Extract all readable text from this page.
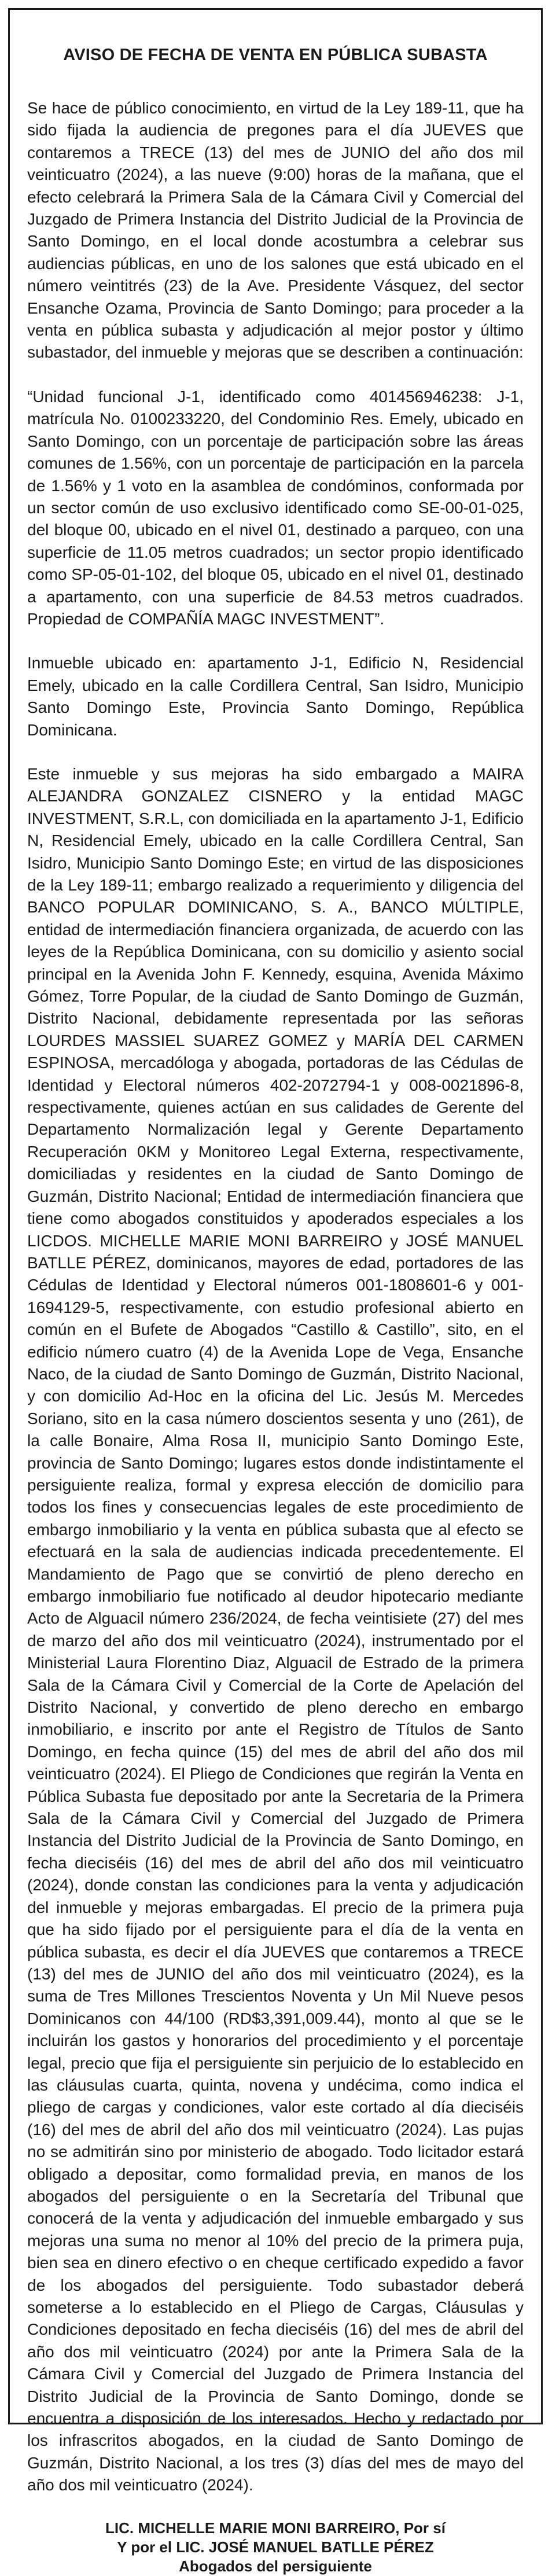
AVISO DE FECHA DE VENTA EN PÚBLICA SUBASTA

Se hace de público conocimiento, en virtud de la Ley 189-11, que ha sido fijada la audiencia de pregones para el día JUEVES que contaremos a TRECE (13) del mes de JUNIO del año dos mil veinticuatro (2024), a las nueve (9:00) horas de la mañana, que el efecto celebrará la Primera Sala de la Cámara Civil y Comercial del Juzgado de Primera Instancia del Distrito Judicial de la Provincia de Santo Domingo, en el local donde acostumbra a celebrar sus audiencias públicas, en uno de los salones que está ubicado en el número veintitrés (23) de la Ave. Presidente Vásquez, del sector Ensanche Ozama, Provincia de Santo Domingo; para proceder a la venta en pública subasta y adjudicación al mejor postor y último subastador, del inmueble y mejoras que se describen a continuación:

“Unidad funcional J-1, identificado como 401456946238: J-1, matrícula No. 0100233220, del Condominio Res. Emely, ubicado en Santo Domingo, con un porcentaje de participación sobre las áreas comunes de 1.56%, con un porcentaje de participación en la parcela de 1.56% y 1 voto en la asamblea de condóminos, conformada por un sector común de uso exclusivo identificado como SE-00-01-025, del bloque 00, ubicado en el nivel 01, destinado a parqueo, con una superficie de 11.05 metros cuadrados; un sector propio identificado como SP-05-01-102, del bloque 05, ubicado en el nivel 01, destinado a apartamento, con una superficie de 84.53 metros cuadrados. Propiedad de COMPAÑÍA MAGC INVESTMENT”.

Inmueble ubicado en: apartamento J-1, Edificio N, Residencial Emely, ubicado en la calle Cordillera Central, San Isidro, Municipio Santo Domingo Este, Provincia Santo Domingo, República Dominicana.

Este inmueble y sus mejoras ha sido embargado a MAIRA ALEJANDRA GONZALEZ CISNERO y la entidad MAGC INVESTMENT, S.R.L, con domiciliada en la apartamento J-1, Edificio N, Residencial Emely, ubicado en la calle Cordillera Central, San Isidro, Municipio Santo Domingo Este; en virtud de las disposiciones de la Ley 189-11; embargo realizado a requerimiento y diligencia del BANCO POPULAR DOMINICANO, S. A., BANCO MÚLTIPLE, entidad de intermediación financiera organizada, de acuerdo con las leyes de la República Dominicana, con su domicilio y asiento social principal en la Avenida John F. Kennedy, esquina, Avenida Máximo Gómez, Torre Popular, de la ciudad de Santo Domingo de Guzmán, Distrito Nacional, debidamente representada por las señoras LOURDES MASSIEL SUAREZ GOMEZ y MARÍA DEL CARMEN ESPINOSA, mercadóloga y abogada, portadoras de las Cédulas de Identidad y Electoral números 402-2072794-1 y 008-0021896-8, respectivamente, quienes actúan en sus calidades de Gerente del Departamento Normalización legal y Gerente Departamento Recuperación 0KM y Monitoreo Legal Externa, respectivamente, domiciliadas y residentes en la ciudad de Santo Domingo de Guzmán, Distrito Nacional; Entidad de intermediación financiera que tiene como abogados constituidos y apoderados especiales a los LICDOS. MICHELLE MARIE MONI BARREIRO y JOSÉ MANUEL BATLLE PÉREZ, dominicanos, mayores de edad, portadores de las Cédulas de Identidad y Electoral números 001-1808601-6 y 001-1694129-5, respectivamente, con estudio profesional abierto en común en el Bufete de Abogados “Castillo & Castillo”, sito, en el edificio número cuatro (4) de la Avenida Lope de Vega, Ensanche Naco, de la ciudad de Santo Domingo de Guzmán, Distrito Nacional, y con domicilio Ad-Hoc en la oficina del Lic. Jesús M. Mercedes Soriano, sito en la casa número doscientos sesenta y uno (261), de la calle Bonaire, Alma Rosa II, municipio Santo Domingo Este, provincia de Santo Domingo; lugares estos donde indistintamente el persiguiente realiza, formal y expresa elección de domicilio para todos los fines y consecuencias legales de este procedimiento de embargo inmobiliario y la venta en pública subasta que al efecto se efectuará en la sala de audiencias indicada precedentemente. El Mandamiento de Pago que se convirtió de pleno derecho en embargo inmobiliario fue notificado al deudor hipotecario mediante Acto de Alguacil número 236/2024, de fecha veintisiete (27) del mes de marzo del año dos mil veinticuatro (2024), instrumentado por el Ministerial Laura Florentino Diaz, Alguacil de Estrado de la primera Sala de la Cámara Civil y Comercial de la Corte de Apelación del Distrito Nacional, y convertido de pleno derecho en embargo inmobiliario, e inscrito por ante el Registro de Títulos de Santo Domingo, en fecha quince (15) del mes de abril del año dos mil veinticuatro (2024). El Pliego de Condiciones que regirán la Venta en Pública Subasta fue depositado por ante la Secretaria de la Primera Sala de la Cámara Civil y Comercial del Juzgado de Primera Instancia del Distrito Judicial de la Provincia de Santo Domingo, en fecha dieciséis (16) del mes de abril del año dos mil veinticuatro (2024), donde constan las condiciones para la venta y adjudicación del inmueble y mejoras embargadas. El precio de la primera puja que ha sido fijado por el persiguiente para el día de la venta en pública subasta, es decir el día JUEVES que contaremos a TRECE (13) del mes de JUNIO del año dos mil veinticuatro (2024), es la suma de Tres Millones Trescientos Noventa y Un Mil Nueve pesos Dominicanos con 44/100 (RD$3,391,009.44), monto al que se le incluirán los gastos y honorarios del procedimiento y el porcentaje legal, precio que fija el persiguiente sin perjuicio de lo establecido en las cláusulas cuarta, quinta, novena y undécima, como indica el pliego de cargas y condiciones, valor este cortado al día dieciséis (16) del mes de abril del año dos mil veinticuatro (2024). Las pujas no se admitirán sino por ministerio de abogado. Todo licitador estará obligado a depositar, como formalidad previa, en manos de los abogados del persiguiente o en la Secretaría del Tribunal que conocerá de la venta y adjudicación del inmueble embargado y sus mejoras una suma no menor al 10% del precio de la primera puja, bien sea en dinero efectivo o en cheque certificado expedido a favor de los abogados del persiguiente. Todo subastador deberá someterse a lo establecido en el Pliego de Cargas, Cláusulas y Condiciones depositado en fecha dieciséis (16) del mes de abril del año dos mil veinticuatro (2024) por ante la Primera Sala de la Cámara Civil y Comercial del Juzgado de Primera Instancia del Distrito Judicial de la Provincia de Santo Domingo, donde se encuentra a disposición de los interesados. Hecho y redactado por los infrascritos abogados, en la ciudad de Santo Domingo de Guzmán, Distrito Nacional, a los tres (3) días del mes de mayo del año dos mil veinticuatro (2024).

LIC. MICHELLE MARIE MONI BARREIRO, Por sí
Y por el LIC. JOSÉ MANUEL BATLLE PÉREZ
Abogados del persiguiente
